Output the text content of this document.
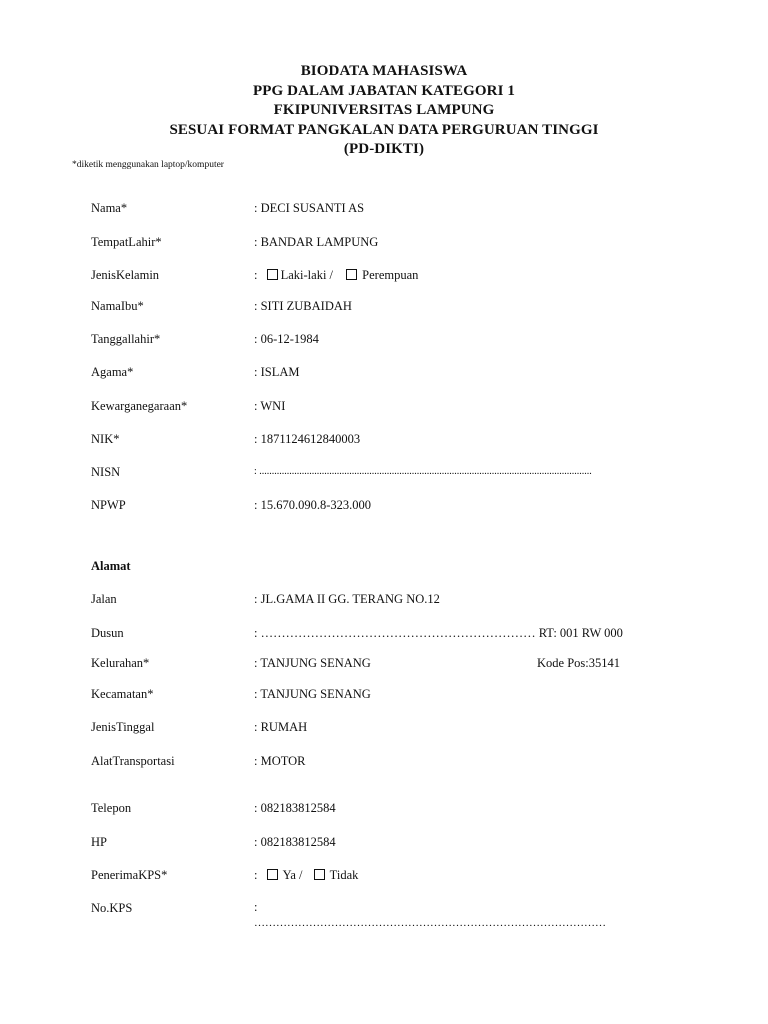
BIODATA MAHASISWA
PPG DALAM JABATAN KATEGORI 1
FKIPUNIVERSITAS LAMPUNG
SESUAI FORMAT PANGKALAN DATA PERGURUAN TINGGI
(PD-DIKTI)
*diketik menggunakan laptop/komputer
Nama*	: DECI SUSANTI AS
TempatLahir*	: BANDAR LAMPUNG
JenisKelamin	: Laki-laki / Perempuan
NamaIbu*	: SITI ZUBAIDAH
Tanggallahir*	: 06-12-1984
Agama*	: ISLAM
Kewarganegaraan*	: WNI
NIK*	: 1871124612840003
NISN	: .....................................................................................................................................
NPWP	: 15.670.090.8-323.000
Alamat
Jalan	: JL.GAMA II GG. TERANG NO.12
Dusun	: ………………………………………………………… RT: 001 RW 000
Kelurahan*	: TANJUNG SENANG	Kode Pos:35141
Kecamatan*	: TANJUNG SENANG
JenisTinggal	: RUMAH
AlatTransportasi	: MOTOR
Telepon	: 082183812584
HP	: 082183812584
PenerimaKPS*	: Ya / Tidak
No.KPS	:
……………………………………………………………………………………
